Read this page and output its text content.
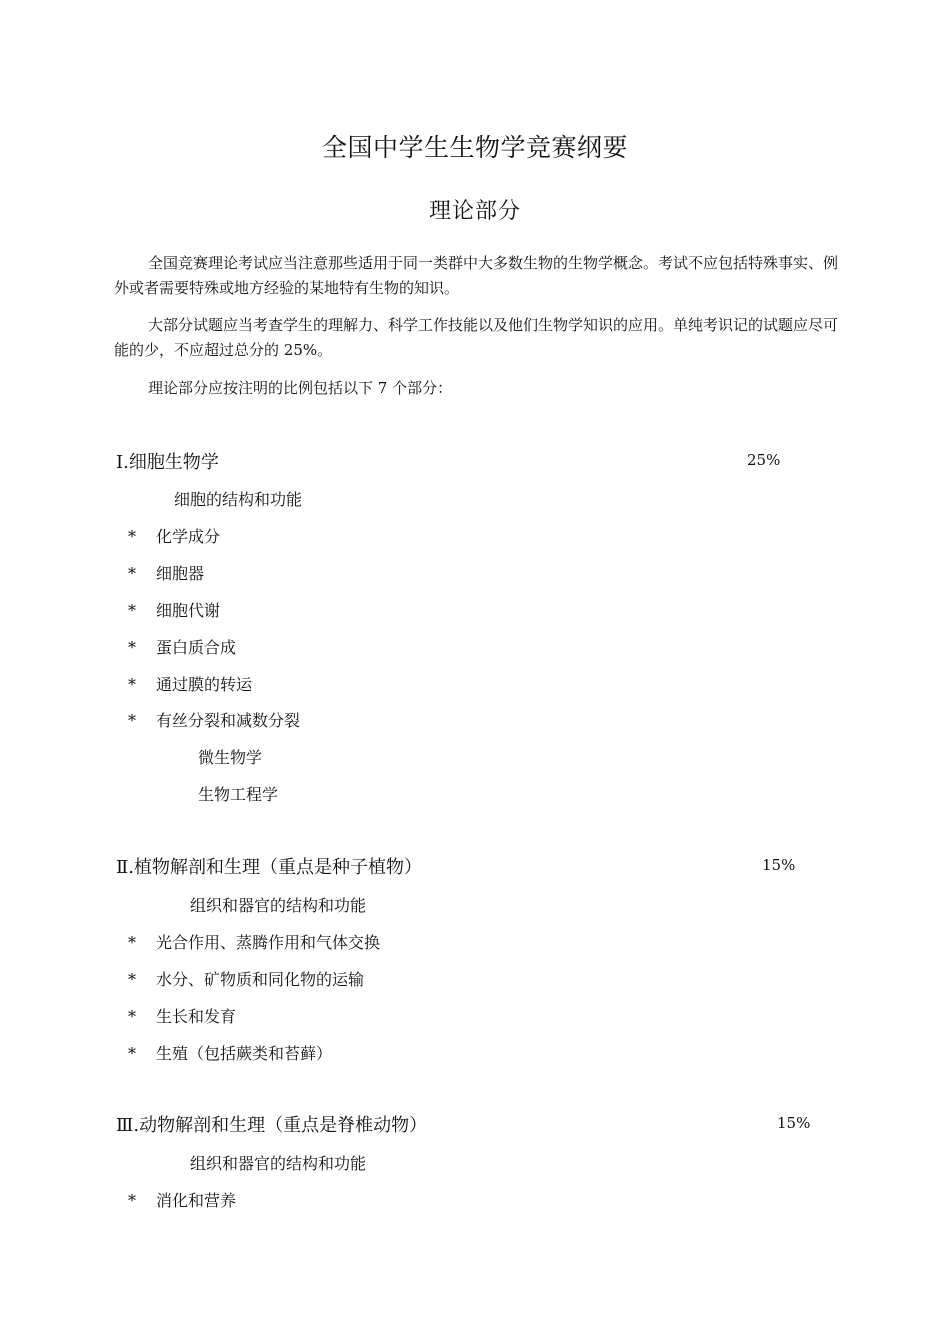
全国中学生生物学竞赛纲要
理论部分

全国竞赛理论考试应当注意那些适用于同一类群中大多数生物的生物学概念。考试不应包括特殊事实、例外或者需要特殊或地方经验的某地特有生物的知识。

大部分试题应当考查学生的理解力、科学工作技能以及他们生物学知识的应用。单纯考识记的试题应尽可能的少，不应超过总分的 25%。

理论部分应按注明的比例包括以下 7 个部分：

Ⅰ.细胞生物学	25%
细胞的结构和功能
* 化学成分
* 细胞器
* 细胞代谢
* 蛋白质合成
* 通过膜的转运
* 有丝分裂和减数分裂
微生物学
生物工程学
Ⅱ.植物解剖和生理（重点是种子植物）	15%
组织和器官的结构和功能
* 光合作用、蒸腾作用和气体交换
* 水分、矿物质和同化物的运输
* 生长和发育
* 生殖（包括蕨类和苔藓）
Ⅲ.动物解剖和生理（重点是脊椎动物）	15%
组织和器官的结构和功能
* 消化和营养
